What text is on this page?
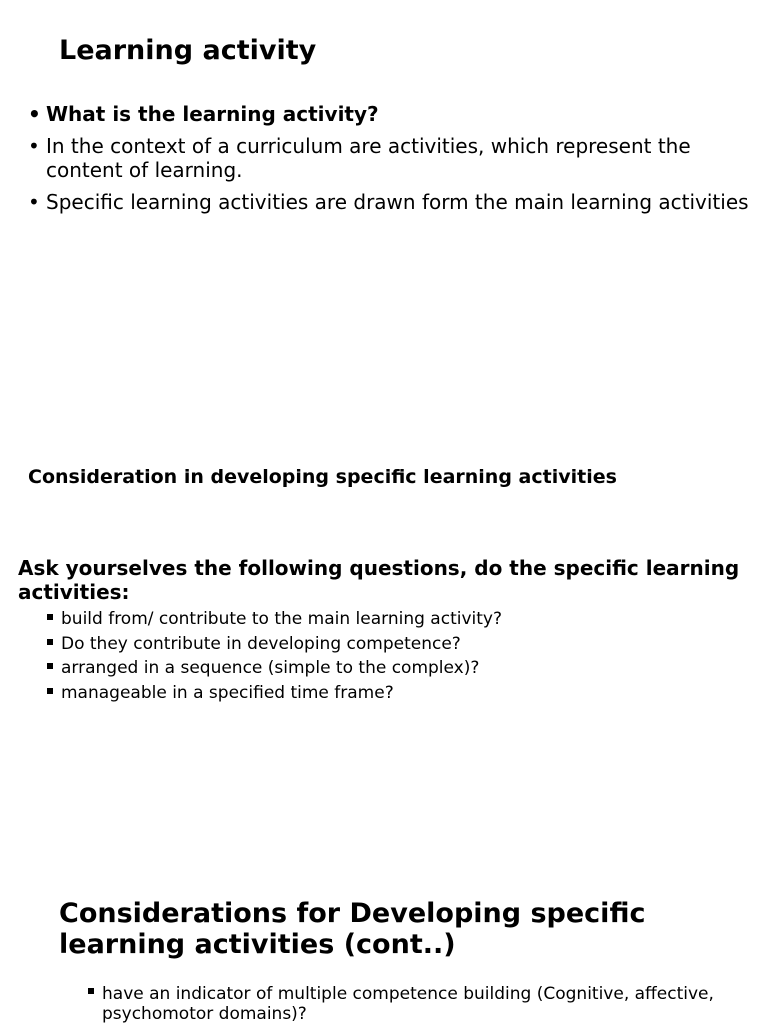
Learning activity
• What is the learning activity?
• In the context of a curriculum are activities, which represent the content of learning.
• Specific learning activities are drawn form the main learning activities
Consideration in developing specific learning activities

Ask yourselves the following questions, do the specific learning activities:

build from/ contribute to the main learning activity?
Do they contribute in developing competence?
arranged in a sequence (simple to the complex)?
manageable in a specified time frame?
Considerations for Developing specific learning activities (cont..)
have an indicator of multiple competence building (Cognitive, affective, psychomotor domains)?
